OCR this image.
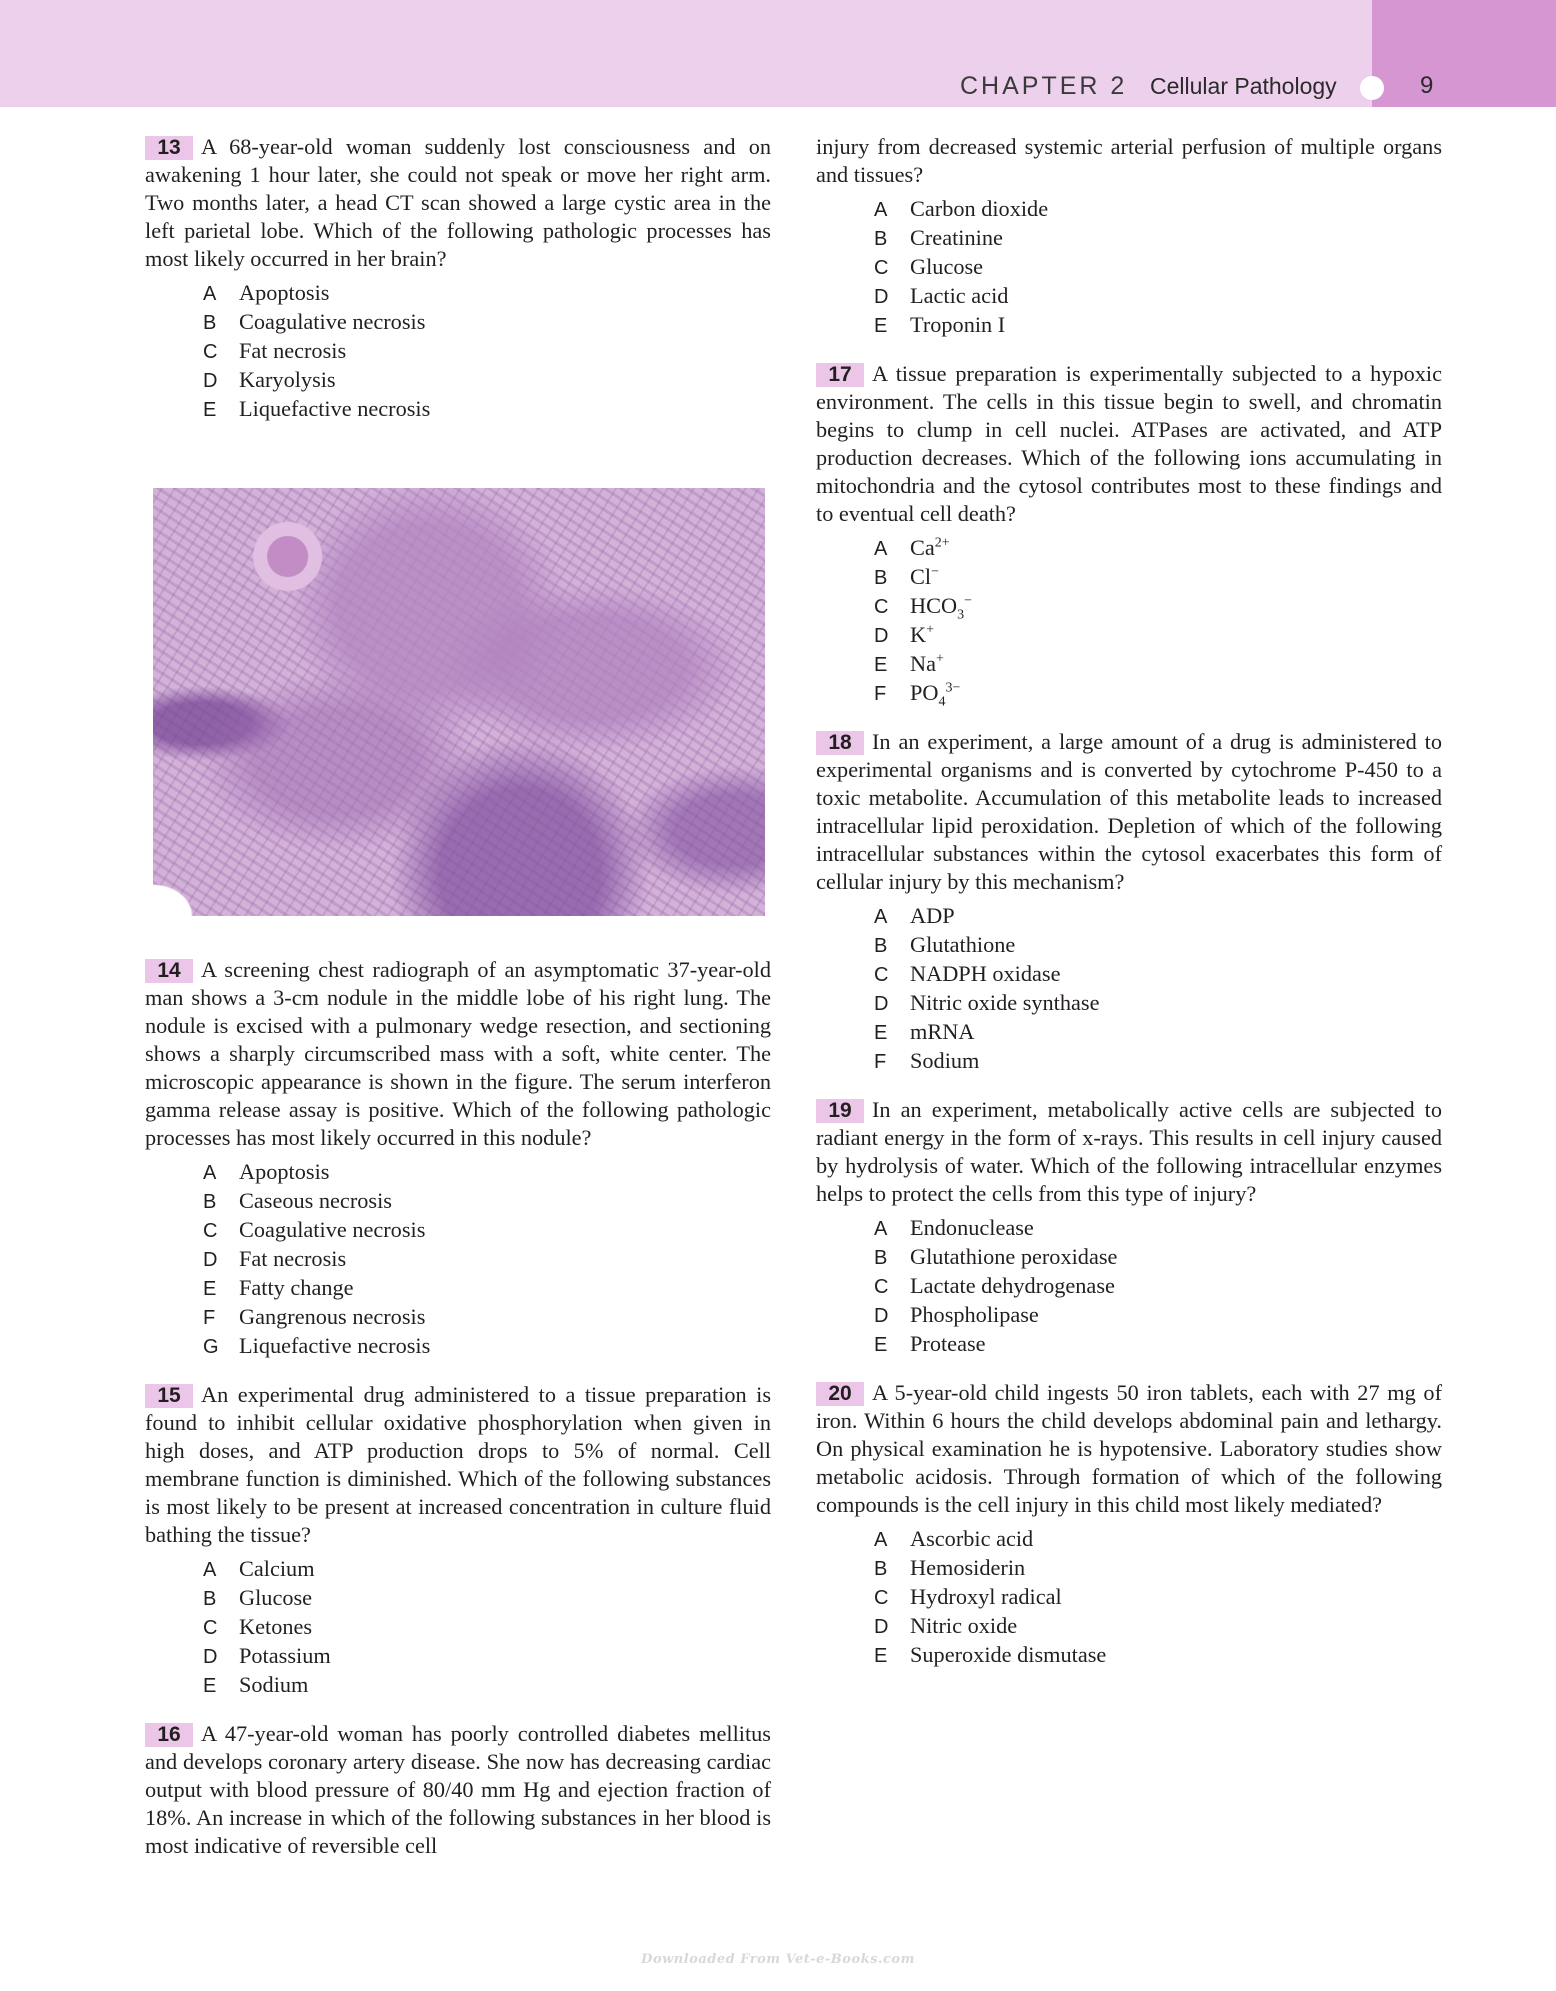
CHAPTER 2 Cellular Pathology	9

13 A 68-year-old woman suddenly lost consciousness and on awakening 1 hour later, she could not speak or move her right arm. Two months later, a head CT scan showed a large cystic area in the left parietal lobe. Which of the following pathologic processes has most likely occurred in her brain?

A Apoptosis
B Coagulative necrosis
C Fat necrosis
D Karyolysis
E Liquefactive necrosis

14 A screening chest radiograph of an asymptomatic 37-year-old man shows a 3-cm nodule in the middle lobe of his right lung. The nodule is excised with a pulmonary wedge resection, and sectioning shows a sharply circumscribed mass with a soft, white center. The microscopic appearance is shown in the figure. The serum interferon gamma release assay is positive. Which of the following pathologic processes has most likely occurred in this nodule?

A Apoptosis
B Caseous necrosis
C Coagulative necrosis
D Fat necrosis
E Fatty change
F Gangrenous necrosis
G Liquefactive necrosis

15 An experimental drug administered to a tissue preparation is found to inhibit cellular oxidative phosphorylation when given in high doses, and ATP production drops to 5% of normal. Cell membrane function is diminished. Which of the following substances is most likely to be present at increased concentration in culture fluid bathing the tissue?

A Calcium
B Glucose
C Ketones
D Potassium
E Sodium

16 A 47-year-old woman has poorly controlled diabetes mellitus and develops coronary artery disease. She now has decreasing cardiac output with blood pressure of 80/40 mm Hg and ejection fraction of 18%. An increase in which of the following substances in her blood is most indicative of reversible cell

injury from decreased systemic arterial perfusion of multiple organs and tissues?

A Carbon dioxide
B Creatinine
C Glucose
D Lactic acid
E Troponin I

17 A tissue preparation is experimentally subjected to a hypoxic environment. The cells in this tissue begin to swell, and chromatin begins to clump in cell nuclei. ATPases are activated, and ATP production decreases. Which of the following ions accumulating in mitochondria and the cytosol contributes most to these findings and to eventual cell death?

A $Ca^{2+}$
B Cl−
C $HCO_3^-$
D K+
E Na+
F $PO_4^{3-}$

18 In an experiment, a large amount of a drug is administered to experimental organisms and is converted by cytochrome P-450 to a toxic metabolite. Accumulation of this metabolite leads to increased intracellular lipid peroxidation. Depletion of which of the following intracellular substances within the cytosol exacerbates this form of cellular injury by this mechanism?

A ADP
B Glutathione
C NADPH oxidase
D Nitric oxide synthase
E mRNA
F Sodium

19 In an experiment, metabolically active cells are subjected to radiant energy in the form of x-rays. This results in cell injury caused by hydrolysis of water. Which of the following intracellular enzymes helps to protect the cells from this type of injury?

A Endonuclease
B Glutathione peroxidase
C Lactate dehydrogenase
D Phospholipase
E Protease

20 A 5-year-old child ingests 50 iron tablets, each with 27 mg of iron. Within 6 hours the child develops abdominal pain and lethargy. On physical examination he is hypotensive. Laboratory studies show metabolic acidosis. Through formation of which of the following compounds is the cell injury in this child most likely mediated?

A Ascorbic acid
B Hemosiderin
C Hydroxyl radical
D Nitric oxide
E Superoxide dismutase
Downloaded From Vet-e-Books.com
